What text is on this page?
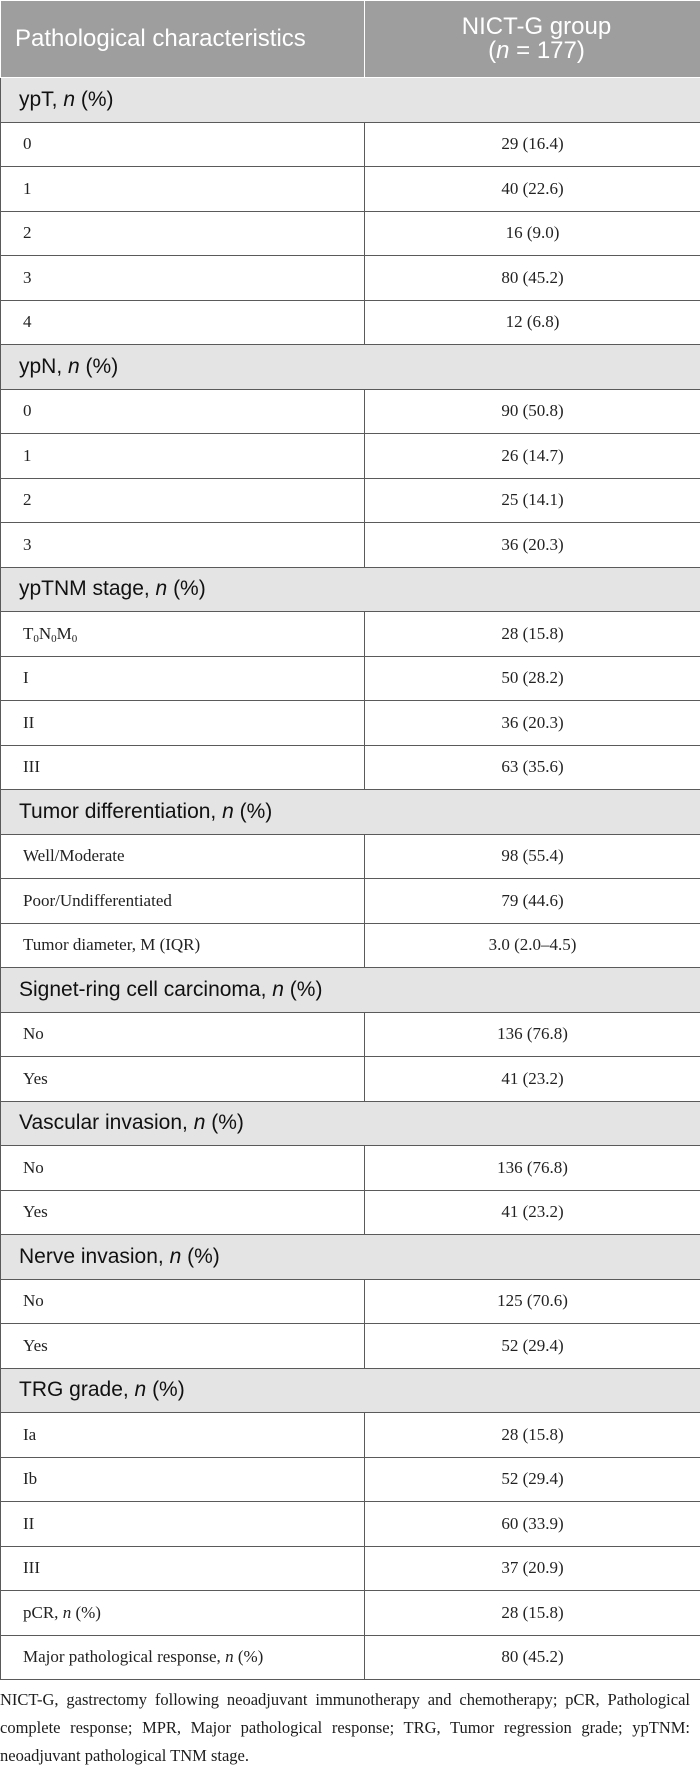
Pathological characteristics	NICT-G group
(n = 177)
ypT, n (%)	
0	29 (16.4)
1	40 (22.6)
2	16 (9.0)
3	80 (45.2)
4	12 (6.8)
ypN, n (%)	
0	90 (50.8)
1	26 (14.7)
2	25 (14.1)
3	36 (20.3)
ypTNM stage, n (%)	
$T_0N_0M_0$	28 (15.8)
I	50 (28.2)
II	36 (20.3)
III	63 (35.6)
Tumor differentiation, n (%)	
Well/Moderate	98 (55.4)
Poor/Undifferentiated	79 (44.6)
Tumor diameter, M (IQR)	3.0 (2.0–4.5)
Signet-ring cell carcinoma, n (%)	
No	136 (76.8)
Yes	41 (23.2)
Vascular invasion, n (%)	
No	136 (76.8)
Yes	41 (23.2)
Nerve invasion, n (%)	
No	125 (70.6)
Yes	52 (29.4)
TRG grade, n (%)	
Ia	28 (15.8)
Ib	52 (29.4)
II	60 (33.9)
III	37 (20.9)
pCR, n (%)	28 (15.8)
Major pathological response, n (%)	80 (45.2)
NICT-G, gastrectomy following neoadjuvant immunotherapy and chemotherapy; pCR, Pathological complete response; MPR, Major pathological response; TRG, Tumor regression grade; ypTNM: neoadjuvant pathological TNM stage.
